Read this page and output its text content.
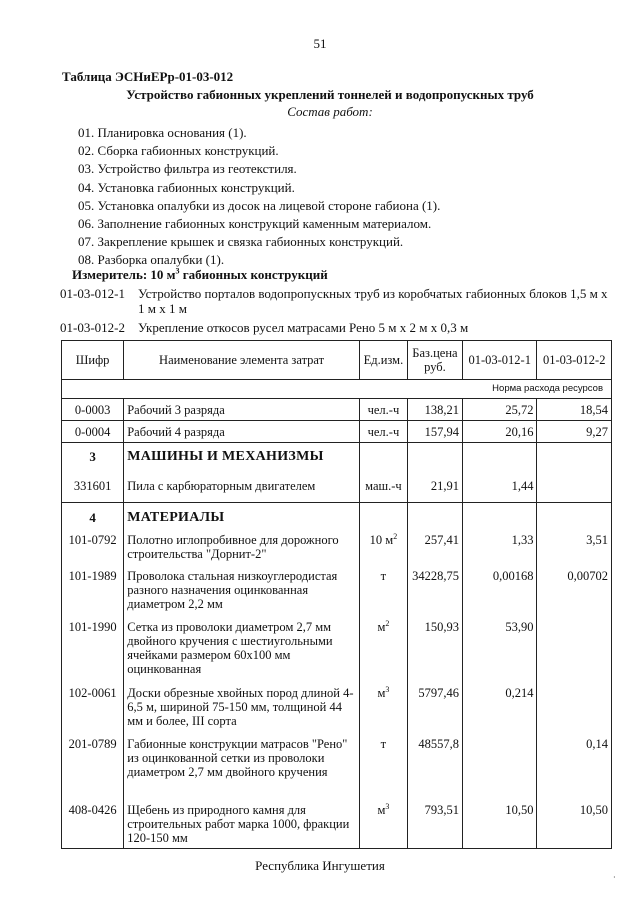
51
Таблица ЭСНиЕРр-01-03-012
Устройство габионных укреплений тоннелей и водопропускных труб
Состав работ:
01. Планировка основания (1).
02. Сборка габионных конструкций.
03. Устройство фильтра из геотекстиля.
04. Установка габионных конструкций.
05. Установка опалубки из досок на лицевой стороне габиона (1).
06. Заполнение габионных конструкций каменным материалом.
07. Закрепление крышек и связка габионных конструкций.
08. Разборка опалубки (1).
Измеритель: 10 $м^3$ габионных конструкций
01-03-012-1 Устройство порталов водопропускных труб из коробчатых габионных блоков 1,5 м х 1 м х 1 м
01-03-012-2 Укрепление откосов русел матрасами Рено 5 м х 2 м х 0,3 м
Шифр	Наименование элемента затрат	Ед.изм.	Баз.цена руб.	01-03-012-1	01-03-012-2
Норма расхода ресурсов					
0-0003	Рабочий 3 разряда	чел.-ч	138,21	25,72	18,54
0-0004	Рабочий 4 разряда	чел.-ч	157,94	20,16	9,27
3	МАШИНЫ И МЕХАНИЗМЫ				
331601	Пила с карбюраторным двигателем	маш.-ч	21,91	1,44	
4	МАТЕРИАЛЫ				
101-0792	Полотно иглопробивное для дорожного строительства "Дорнит-2"	10 $м^2$	257,41	1,33	3,51
101-1989	Проволока стальная низкоуглеродистая разного назначения оцинкованная диаметром 2,2 мм	т	34228,75	0,00168	0,00702
101-1990	Сетка из проволоки диаметром 2,7 мм двойного кручения с шестиугольными ячейками размером 60х100 мм оцинкованная	$м^2$	150,93	53,90	
102-0061	Доски обрезные хвойных пород длиной 4-6,5 м, шириной 75-150 мм, толщиной 44 мм и более, III сорта	$м^3$	5797,46	0,214	
201-0789	Габионные конструкции матрасов "Рено" из оцинкованной сетки из проволоки диаметром 2,7 мм двойного кручения	т	48557,8		0,14
408-0426	Щебень из природного камня для строительных работ марка 1000, фракции 120-150 мм	$м^3$	793,51	10,50	10,50
Республика Ингушетия
·
